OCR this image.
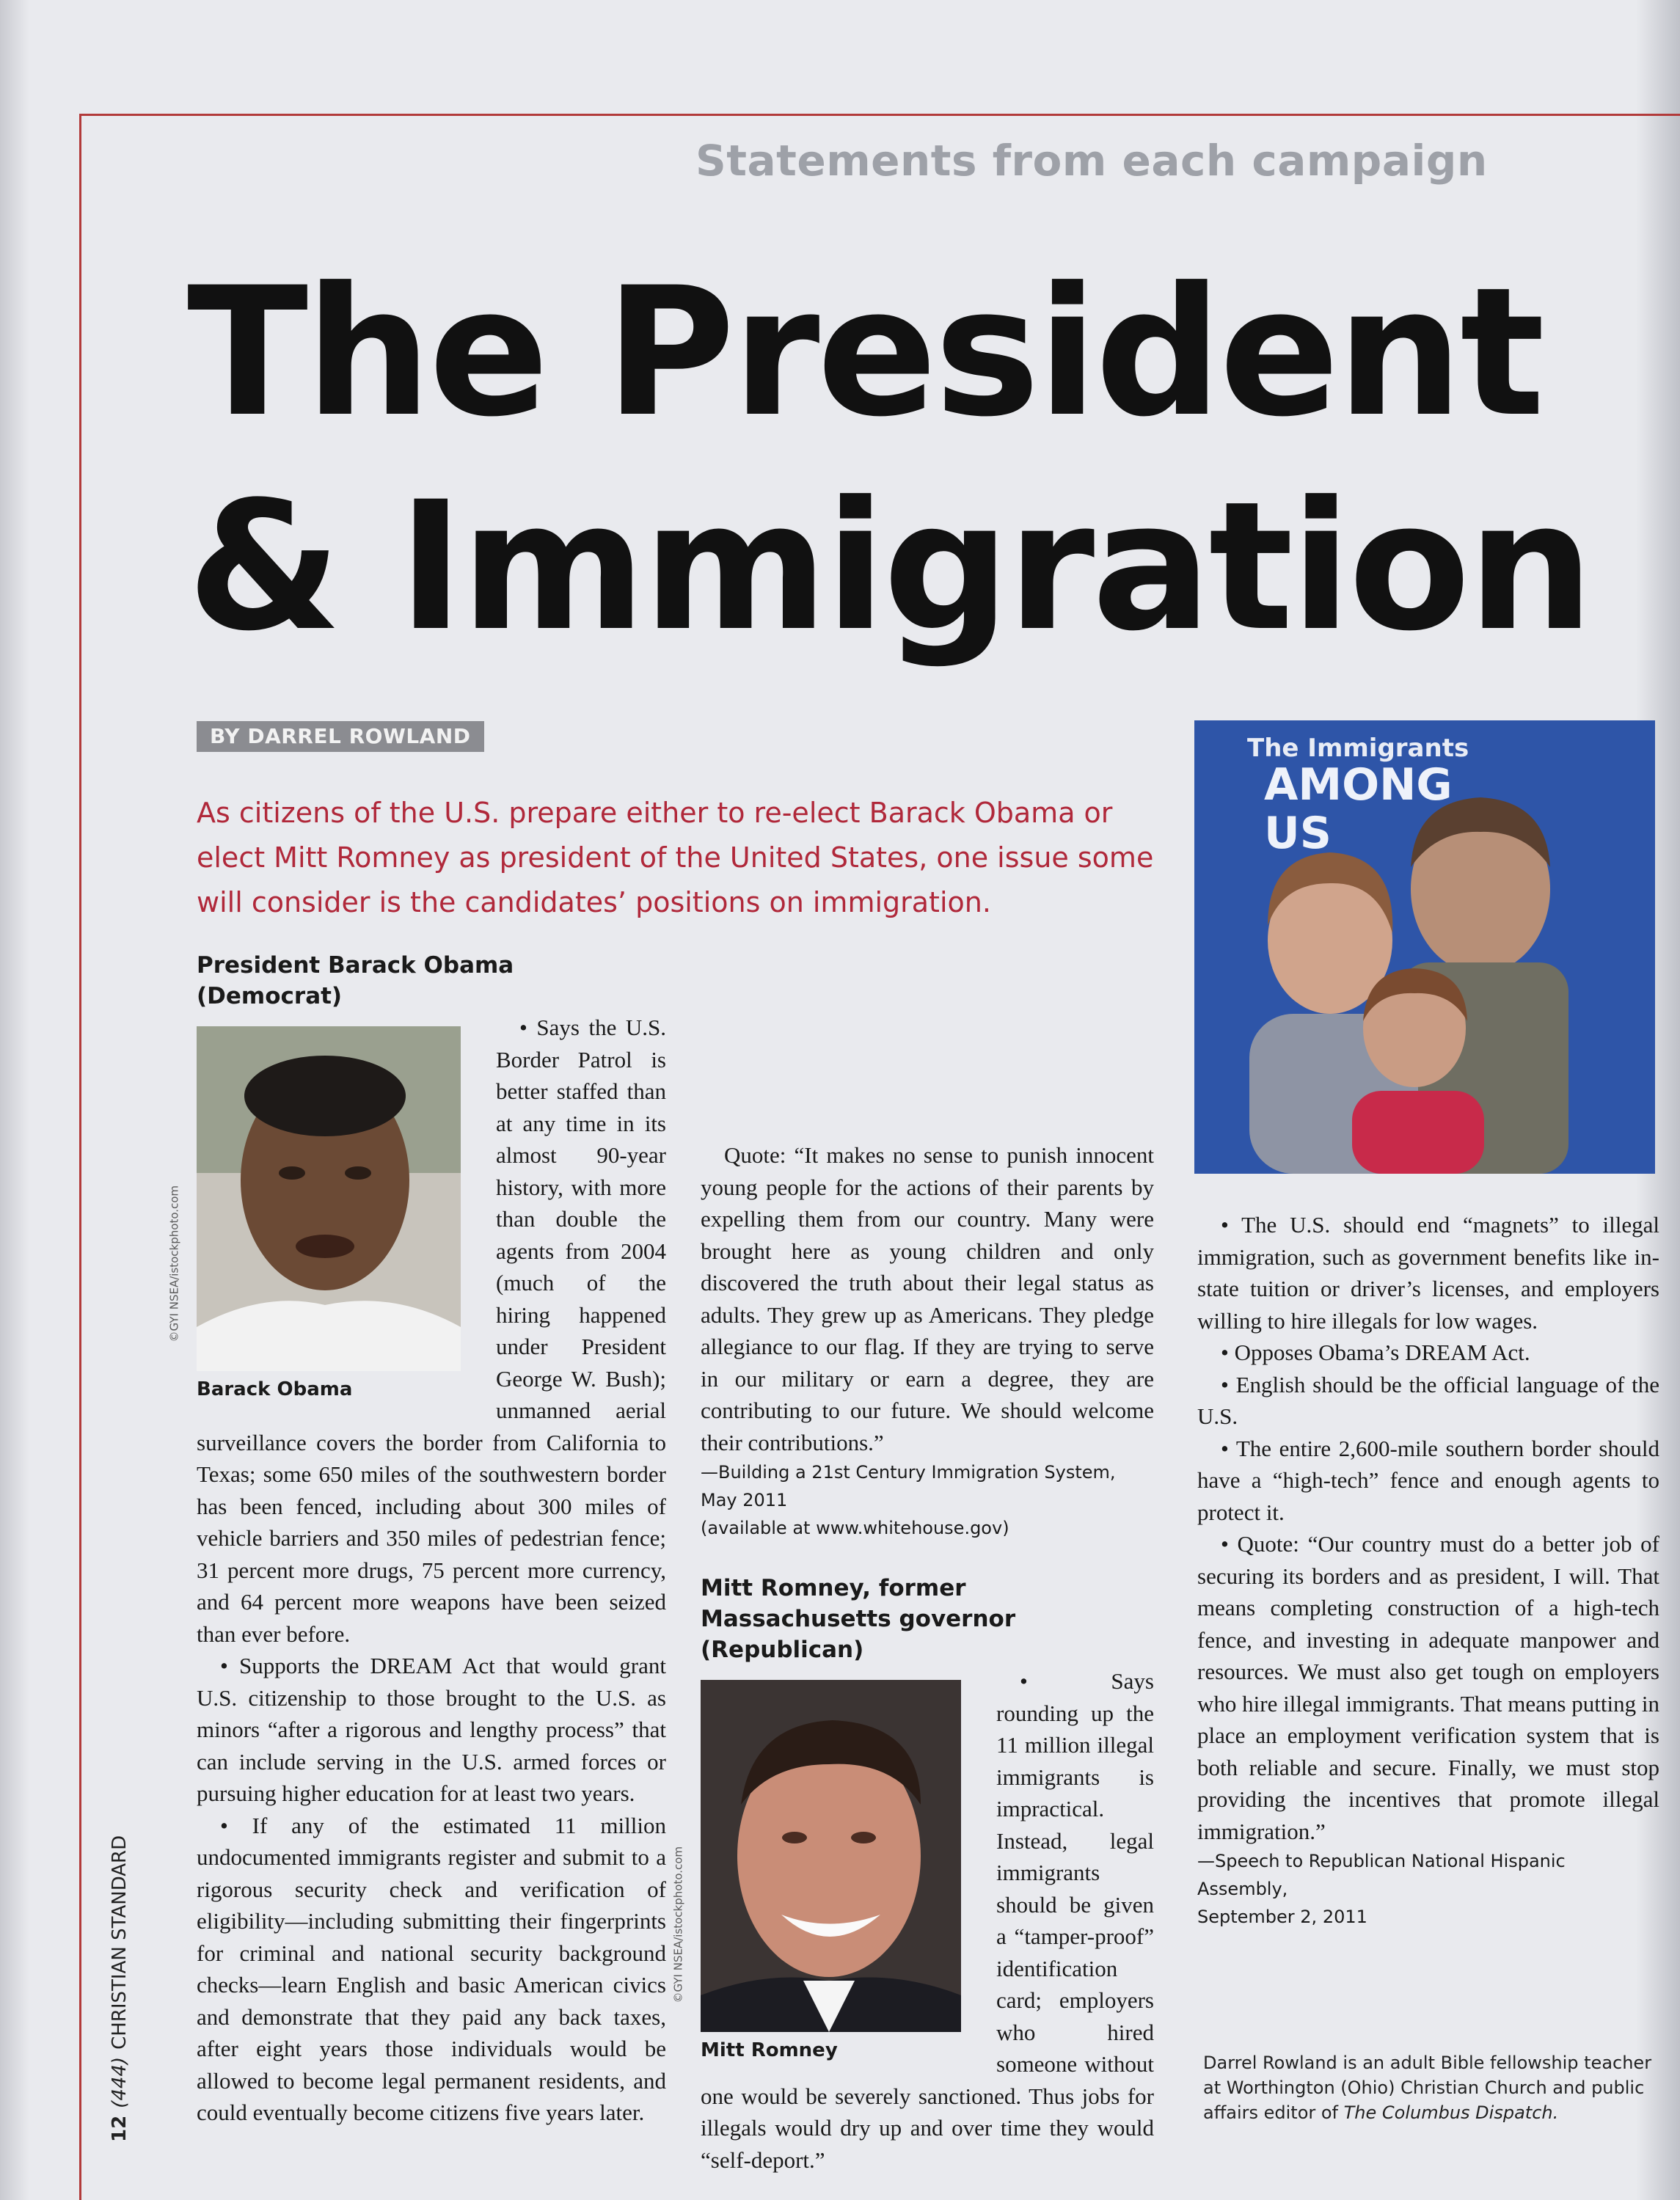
Statements from each campaign
The President
& Immigration
BY DARREL ROWLAND
As citizens of the U.S. prepare either to re-elect Barack Obama or elect Mitt Romney as president of the United States, one issue some will consider is the candidates’ positions on immigration.
President Barack Obama (Democrat)
©GYI NSEA/istockphoto.com
Barack Obama

• Says the U.S. Border Patrol is better staffed than at any time in its almost 90-year history, with more than double the agents from 2004 (much of the hiring happened under President George W. Bush); unmanned aerial surveillance covers the border from California to Texas; some 650 miles of the southwestern border has been fenced, including about 300 miles of vehicle barriers and 350 miles of pedestrian fence; 31 percent more drugs, 75 percent more currency, and 64 percent more weapons have been seized than ever before.

• Supports the DREAM Act that would grant U.S. citizenship to those brought to the U.S. as minors “after a rigorous and lengthy process” that can include serving in the U.S. armed forces or pursuing higher education for at least two years.

• If any of the estimated 11 million undocumented immigrants register and submit to a rigorous security check and verification of eligibility—including submitting their fingerprints for criminal and national security background checks—learn English and basic American civics and demonstrate that they paid any back taxes, after eight years those individuals would be allowed to become legal permanent residents, and could eventually become citizens five years later.

Quote: “It makes no sense to punish innocent young people for the actions of their parents by expelling them from our country. Many were brought here as young children and only discovered the truth about their legal status as adults. They grew up as Americans. They pledge allegiance to our flag. If they are trying to serve in our military or earn a degree, they are contributing to our future. We should welcome their contributions.”

—Building a 21st Century Immigration System, May 2011
(available at www.whitehouse.gov)
Mitt Romney, former Massachusetts governor (Republican)
©GYI NSEA/istockphoto.com
Mitt Romney

• Says rounding up the 11 million illegal immigrants is impractical. Instead, legal immigrants should be given a “tamper-proof” identification card; employers who hired someone without one would be severely sanctioned. Thus jobs for illegals would dry up and over time they would “self-deport.”

The Immigrants
AMONG
US

• The U.S. should end “magnets” to illegal immigration, such as government benefits like in-state tuition or driver’s licenses, and employers willing to hire illegals for low wages.

• Opposes Obama’s DREAM Act.

• English should be the official language of the U.S.

• The entire 2,600-mile southern border should have a “high-tech” fence and enough agents to protect it.

• Quote: “Our country must do a better job of securing its borders and as president, I will. That means completing construction of a high-tech fence, and investing in adequate manpower and resources. We must also get tough on employers who hire illegal immigrants. That means putting in place an employment verification system that is both reliable and secure. Finally, we must stop providing the incentives that promote illegal immigration.”

—Speech to Republican National Hispanic Assembly,
September 2, 2011
Darrel Rowland is an adult Bible fellowship teacher at Worthington (Ohio) Christian Church and public affairs editor of The Columbus Dispatch.
12(444)CHRISTIAN STANDARD
